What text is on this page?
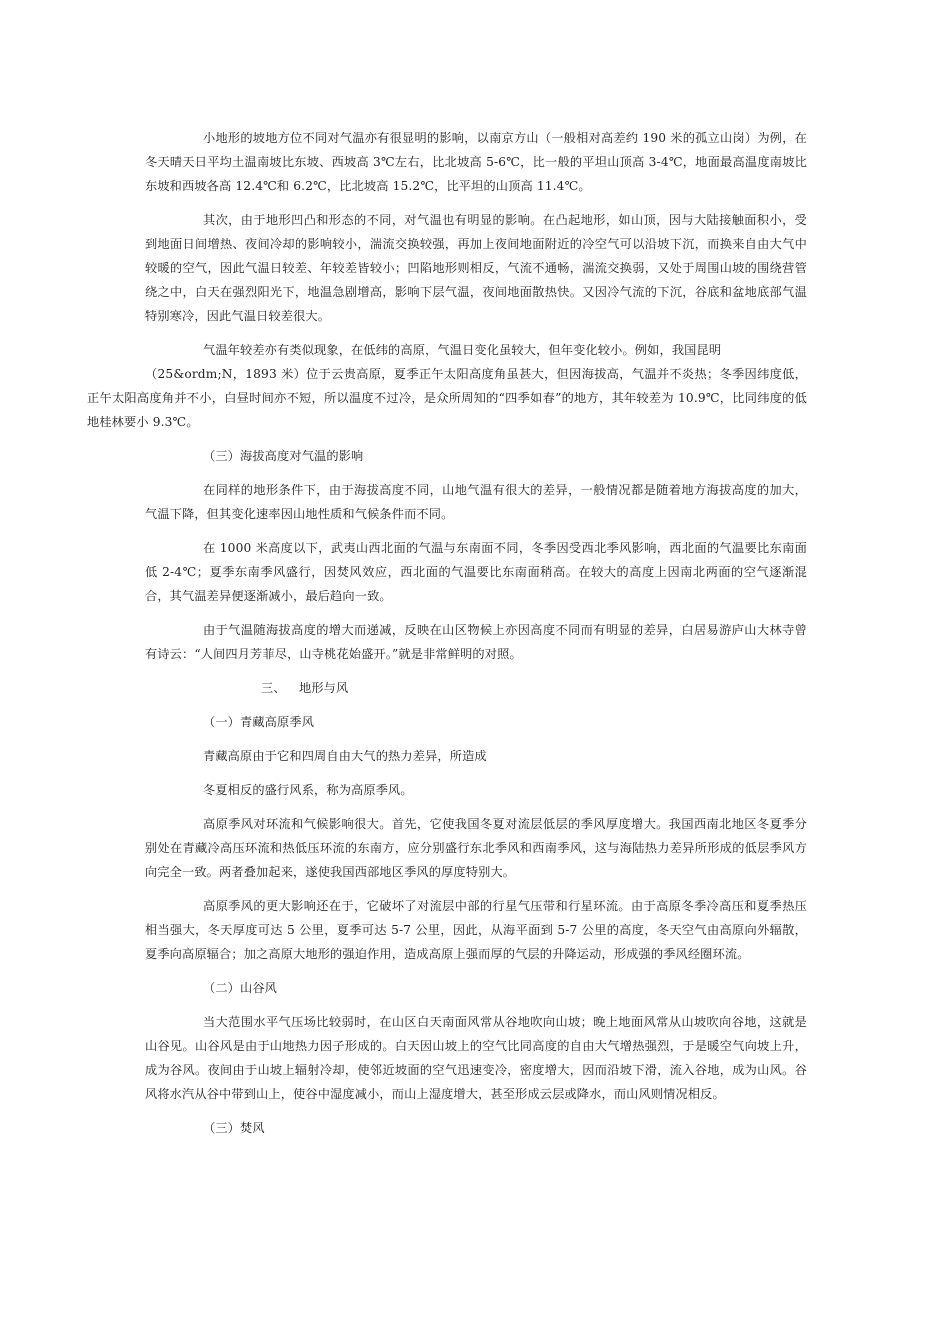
小地形的坡地方位不同对气温亦有很显明的影响，以南京方山（一般相对高差约 190 米的孤立山岗）为例，在冬天晴天日平均土温南坡比东坡、西坡高 3℃左右，比北坡高 5-6℃，比一般的平坦山顶高 3-4℃，地面最高温度南坡比东坡和西坡各高 12.4℃和 6.2℃，比北坡高 15.2℃，比平坦的山顶高 11.4℃。

其次，由于地形凹凸和形态的不同，对气温也有明显的影响。在凸起地形，如山顶，因与大陆接触面积小，受到地面日间增热、夜间冷却的影响较小，湍流交换较强，再加上夜间地面附近的冷空气可以沿坡下沉，而换来自由大气中较暖的空气，因此气温日较差、年较差皆较小；凹陷地形则相反，气流不通畅，湍流交换弱，又处于周围山坡的围绕营管绕之中，白天在强烈阳光下，地温急剧增高，影响下层气温，夜间地面散热快。又因冷气流的下沉，谷底和盆地底部气温特别寒冷，因此气温日较差很大。

气温年较差亦有类似现象，在低纬的高原，气温日变化虽较大，但年变化较小。例如，我国昆明

（25&ordm;N，1893 米）位于云贵高原，夏季正午太阳高度角虽甚大，但因海拔高，气温并不炎热；冬季因纬度低，正午太阳高度角并不小，白昼时间亦不短，所以温度不过冷，是众所周知的“四季如春”的地方，其年较差为 10.9℃，比同纬度的低地桂林要小 9.3℃。

（三）海拔高度对气温的影响

在同样的地形条件下，由于海拔高度不同，山地气温有很大的差异，一般情况都是随着地方海拔高度的加大，气温下降，但其变化速率因山地性质和气候条件而不同。

在 1000 米高度以下，武夷山西北面的气温与东南面不同，冬季因受西北季风影响，西北面的气温要比东南面低 2-4℃；夏季东南季风盛行，因焚风效应，西北面的气温要比东南面稍高。在较大的高度上因南北两面的空气逐渐混合，其气温差异便逐渐减小，最后趋向一致。

由于气温随海拔高度的增大而递减，反映在山区物候上亦因高度不同而有明显的差异，白居易游庐山大林寺曾有诗云：“人间四月芳菲尽，山寺桃花始盛开。”就是非常鲜明的对照。

三、 地形与风

（一）青藏高原季风

青藏高原由于它和四周自由大气的热力差异，所造成

冬夏相反的盛行风系，称为高原季风。

高原季风对环流和气候影响很大。首先，它使我国冬夏对流层低层的季风厚度增大。我国西南北地区冬夏季分别处在青藏冷高压环流和热低压环流的东南方，应分别盛行东北季风和西南季风，这与海陆热力差异所形成的低层季风方向完全一致。两者叠加起来，遂使我国西部地区季风的厚度特别大。

高原季风的更大影响还在于，它破坏了对流层中部的行星气压带和行星环流。由于高原冬季冷高压和夏季热压相当强大，冬天厚度可达 5 公里，夏季可达 5-7 公里，因此，从海平面到 5-7 公里的高度，冬天空气由高原向外辐散，夏季向高原辐合；加之高原大地形的强迫作用，造成高原上强而厚的气层的升降运动，形成强的季风经圈环流。

（二）山谷风

当大范围水平气压场比较弱时，在山区白天南面风常从谷地吹向山坡；晚上地面风常从山坡吹向谷地，这就是山谷见。山谷风是由于山地热力因子形成的。白天因山坡上的空气比同高度的自由大气增热强烈，于是暖空气向坡上升，成为谷风。夜间由于山坡上辐射冷却，使邻近坡面的空气迅速变冷，密度增大，因而沿坡下滑，流入谷地，成为山风。谷风将水汽从谷中带到山上，使谷中湿度减小，而山上湿度增大，甚至形成云层或降水，而山风则情况相反。

（三）焚风
